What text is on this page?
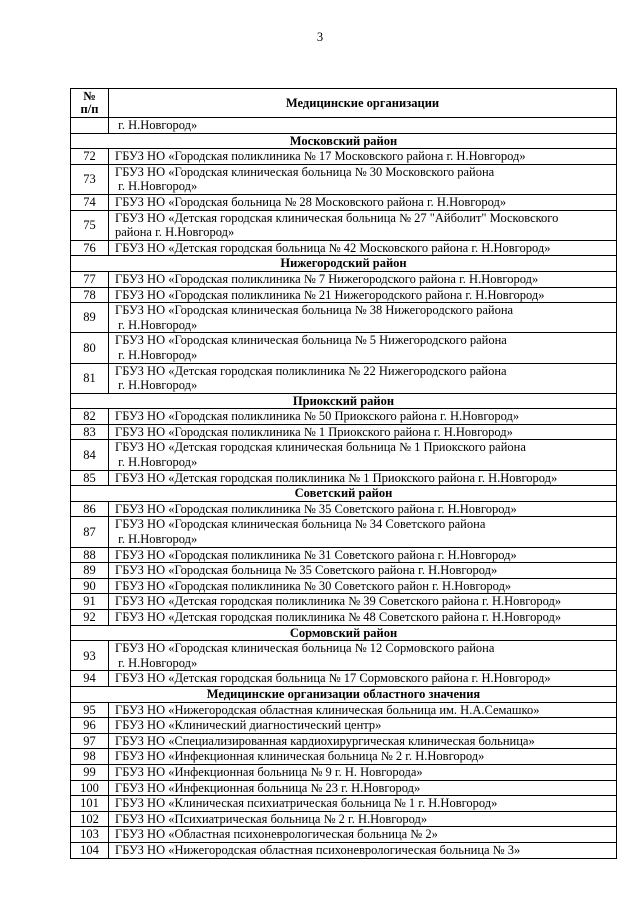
3
№
п/п	Медицинские организации

	г. Н.Новгород»

Московский район	
72	ГБУЗ НО «Городская поликлиника № 17 Московского района г. Н.Новгород»

73	ГБУЗ НО «Городская клиническая больница № 30 Московского района
г. Н.Новгород»

74	ГБУЗ НО «Городская больница № 28 Московского района г. Н.Новгород»

75	ГБУЗ НО «Детская городская клиническая больница № 27 "Айболит" Московского
района г. Н.Новгород»

76	ГБУЗ НО «Детская городская больница № 42 Московского района г. Н.Новгород»

Нижегородский район	
77	ГБУЗ НО «Городская поликлиника № 7 Нижегородского района г. Н.Новгород»

78	ГБУЗ НО «Городская поликлиника № 21 Нижегородского района г. Н.Новгород»

89	ГБУЗ НО «Городская клиническая больница № 38 Нижегородского района
г. Н.Новгород»

80	ГБУЗ НО «Городская клиническая больница № 5 Нижегородского района
г. Н.Новгород»

81	ГБУЗ НО «Детская городская поликлиника № 22 Нижегородского района
г. Н.Новгород»

Приокский район	
82	ГБУЗ НО «Городская поликлиника № 50 Приокского района г. Н.Новгород»

83	ГБУЗ НО «Городская поликлиника № 1 Приокского района г. Н.Новгород»

84	ГБУЗ НО «Детская городская клиническая больница № 1 Приокского района
г. Н.Новгород»

85	ГБУЗ НО «Детская городская поликлиника № 1 Приокского района г. Н.Новгород»

Советский район	
86	ГБУЗ НО «Городская поликлиника № 35 Советского района г. Н.Новгород»

87	ГБУЗ НО «Городская клиническая больница № 34 Советского района
г. Н.Новгород»

88	ГБУЗ НО «Городская поликлиника № 31 Советского района г. Н.Новгород»

89	ГБУЗ НО «Городская больница № 35 Советского района г. Н.Новгород»

90	ГБУЗ НО «Городская поликлиника № 30 Советского район г. Н.Новгород»

91	ГБУЗ НО «Детская городская поликлиника № 39 Советского района г. Н.Новгород»

92	ГБУЗ НО «Детская городская поликлиника № 48 Советского района г. Н.Новгород»

Сормовский район	
93	ГБУЗ НО «Городская клиническая больница № 12 Сормовского района
г. Н.Новгород»

94	ГБУЗ НО «Детская городская больница № 17 Сормовского района г. Н.Новгород»

Медицинские организации областного значения	
95	ГБУЗ НО «Нижегородская областная клиническая больница им. Н.А.Семашко»

96	ГБУЗ НО «Клинический диагностический центр»

97	ГБУЗ НО «Специализированная кардиохирургическая клиническая больница»

98	ГБУЗ НО «Инфекционная клиническая больница № 2 г. Н.Новгород»

99	ГБУЗ НО «Инфекционная больница № 9 г. Н. Новгорода»

100	ГБУЗ НО «Инфекционная больница № 23 г. Н.Новгород»

101	ГБУЗ НО «Клиническая психиатрическая больница № 1 г. Н.Новгород»

102	ГБУЗ НО «Психиатрическая больница № 2 г. Н.Новгород»

103	ГБУЗ НО «Областная психоневрологическая больница № 2»

104	ГБУЗ НО «Нижегородская областная психоневрологическая больница № 3»
